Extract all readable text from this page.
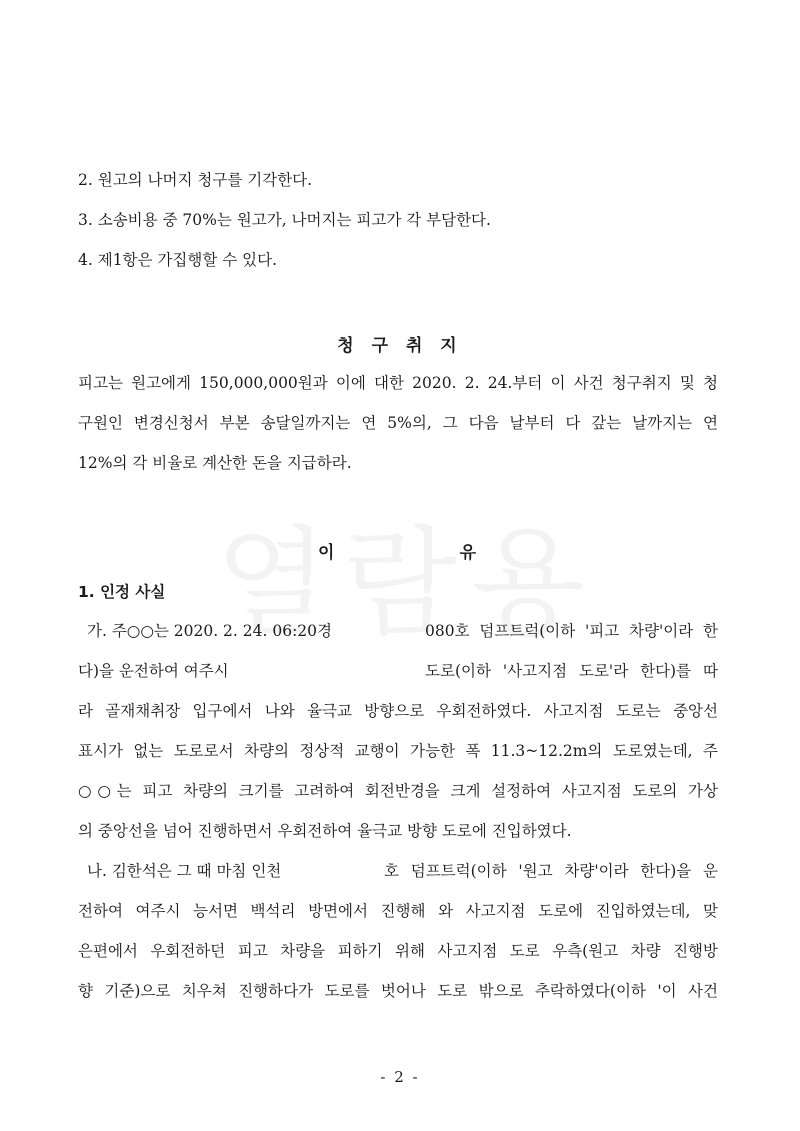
2. 원고의 나머지 청구를 기각한다.
3. 소송비용 중 70%는 원고가, 나머지는 피고가 각 부담한다.
4. 제1항은 가집행할 수 있다.
청 구 취 지
피고는 원고에게 150,000,000원과 이에 대한 2020. 2. 24.부터 이 사건 청구취지 및 청
구원인 변경신청서 부본 송달일까지는 연 5%의, 그 다음 날부터 다 갚는 날까지는 연
12%의 각 비율로 계산한 돈을 지급하라.
이          유
1. 인정 사실
가. 주○○는 2020. 2. 24. 06:20경	080호 덤프트럭(이하 '피고 차량'이라 한
다)을 운전하여 여주시	도로(이하 '사고지점 도로'라 한다)를 따
라 골재채취장 입구에서 나와 율극교 방향으로 우회전하였다. 사고지점 도로는 중앙선
표시가 없는 도로로서 차량의 정상적 교행이 가능한 폭 11.3~12.2m의 도로였는데, 주
○○는 피고 차량의 크기를 고려하여 회전반경을 크게 설정하여 사고지점 도로의 가상
의 중앙선을 넘어 진행하면서 우회전하여 율극교 방향 도로에 진입하였다.
나. 김한석은 그 때 마침 인천	호 덤프트럭(이하 '원고 차량'이라 한다)을 운
전하여 여주시 능서면 백석리 방면에서 진행해 와 사고지점 도로에 진입하였는데, 맞
은편에서 우회전하던 피고 차량을 피하기 위해 사고지점 도로 우측(원고 차량 진행방
향 기준)으로 치우쳐 진행하다가 도로를 벗어나 도로 밖으로 추락하였다(이하 '이 사건
- 2 -
